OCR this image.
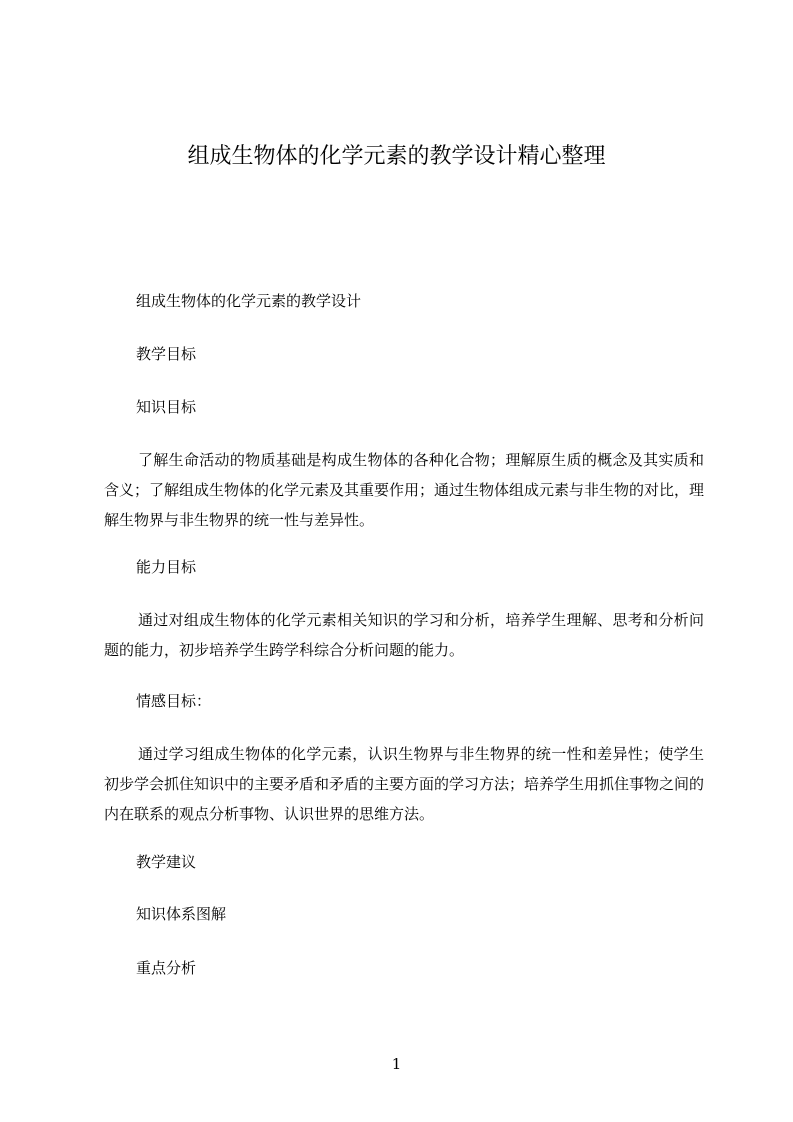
组成生物体的化学元素的教学设计精心整理

组成生物体的化学元素的教学设计

教学目标

知识目标

了解生命活动的物质基础是构成生物体的各种化合物；理解原生质的概念及其实质和含义；了解组成生物体的化学元素及其重要作用；通过生物体组成元素与非生物的对比，理解生物界与非生物界的统一性与差异性。

能力目标

通过对组成生物体的化学元素相关知识的学习和分析，培养学生理解、思考和分析问题的能力，初步培养学生跨学科综合分析问题的能力。

情感目标：

通过学习组成生物体的化学元素，认识生物界与非生物界的统一性和差异性；使学生初步学会抓住知识中的主要矛盾和矛盾的主要方面的学习方法；培养学生用抓住事物之间的内在联系的观点分析事物、认识世界的思维方法。

教学建议

知识体系图解

重点分析

1
